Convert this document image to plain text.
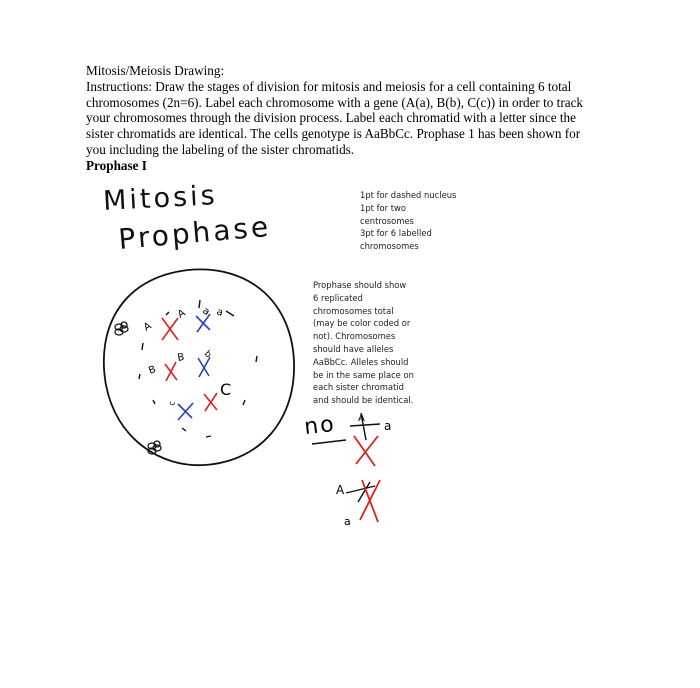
Mitosis/Meiosis Drawing:
Instructions: Draw the stages of division for mitosis and meiosis for a cell containing 6 total
chromosomes (2n=6). Label each chromosome with a gene (A(a), B(b), C(c)) in order to track
your chromosomes through the division process. Label each chromatid with a letter since the
sister chromatids are identical. The cells genotype is AaBbCc. Prophase 1 has been shown for
you including the labeling of the sister chromatids.
Prophase I
Mitosis
Prophase
1pt for dashed nucleus
1pt for two
centrosomes
3pt for 6 labelled
chromosomes
Prophase should show
6 replicated
chromosomes total
(may be color coded or
not). Chromosomes
should have alleles
AaBbCc. Alleles should
be in the same place on
each sister chromatid
and should be identical.
A
A a a
B
B b
C
c
no A
a
A
a
